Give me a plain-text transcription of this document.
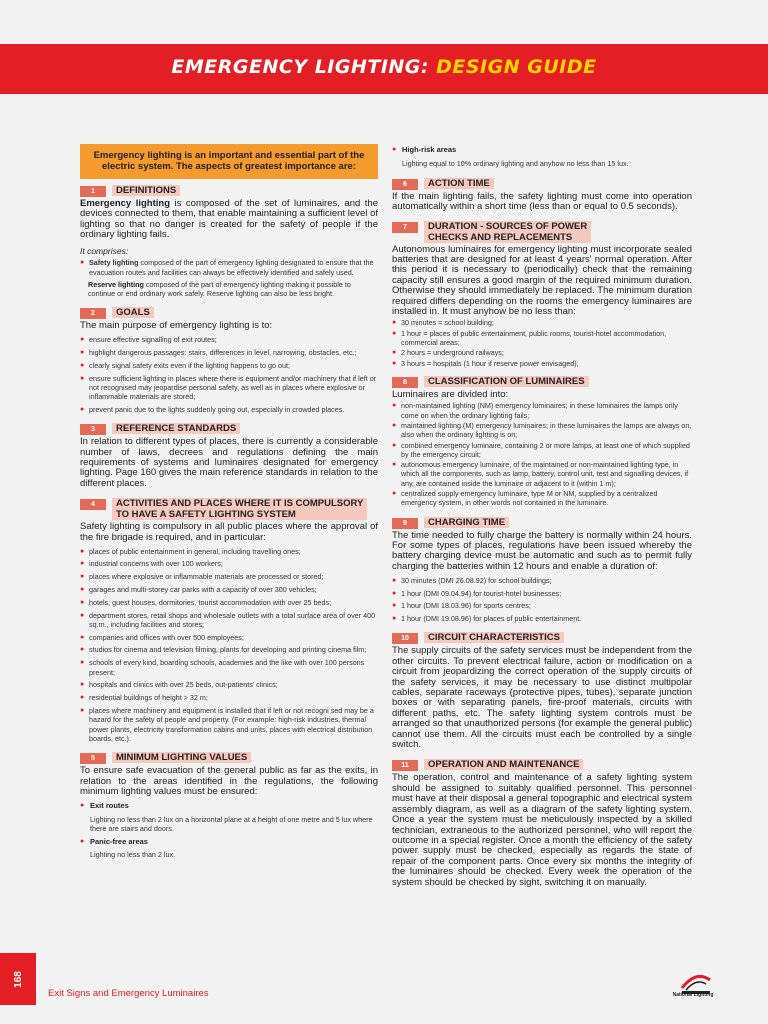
EMERGENCY LIGHTING: DESIGN GUIDE
Emergency lighting is an important and essential part of the electric system. The aspects of greatest importance are:
1	DEFINITIONS
Emergency lighting is composed of the set of luminaires, and the devices connected to them, that enable maintaining a sufficient level of lighting so that no danger is created for the safety of people if the ordinary lighting fails.
It comprises:
● Safety lighting composed of the part of emergency lighting designated to ensure that the evacuation routes and facilities can always be effectively identified and safely used.
Reserve lighting composed of the part of emergency lighting making it possible to continue or end ordinary work safely. Reserve lighting can also be less bright.
2	GOALS
The main purpose of emergency lighting is to:
● ensure effective signalling of exit routes;
● highlight dangerous passages: stairs, differences in level, narrowing, obstacles, etc.;
● clearly signal safety exits even if the lighting happens to go out;
● ensure sufficient lighting in places where there is equipment and/or machinery that if left or not recognised may jeopardise personal safety, as well as in places where explosive or inflammable materials are stored;
● prevent panic due to the lights suddenly going out, especially in crowded places.
3	REFERENCE STANDARDS
In relation to different types of places, there is currently a considerable number of laws, decrees and regulations defining the main requirements of systems and luminaires designated for emergency lighting. Page 160 gives the main reference standards in relation to the different places.
4	ACTIVITIES AND PLACES WHERE IT IS COMPULSORY
TO HAVE A SAFETY LIGHTING SYSTEM
Safety lighting is compulsory in all public places where the approval of the fire brigade is required, and in particular:
● places of public entertainment in general, including travelling ones;
● industrial concerns with over 100 workers;
● places where explosive or inflammable materials are processed or stored;
● garages and multi-storey car parks with a capacity of over 300 vehicles;
● hotels, guest houses, dormitories, tourist accommodation with over 25 beds;
● department stores, retail shops and wholesale outlets with a total surface area of over 400 sq.m., including facilities and stores;
● companies and offices with over 500 employees;
● studios for cinema and television filming, plants for developing and printing cinema film;
● schools of every kind, boarding schools, academies and the like with over 100 persons present;
● hospitals and clinics with over 25 beds, out-patients' clinics;
● residential buildings of height > 32 m;
● places where machinery and equipment is installed that if left or not recogni sed may be a hazard for the safety of people and property. (For example: high-risk industries, thermal power plants, electricity transformation cabins and units, places with electrical distribution boards, etc.).
5	MINIMUM LIGHTING VALUES
To ensure safe evacuation of the general public as far as the exits, in relation to the areas identified in the regulations, the following minimum lighting values must be ensured:
● Exit routes
Lighting no less than 2 lux on a horizontal plane at a height of one metre and 5 lux where there are stairs and doors.
● Panic-free areas
Lighting no less than 2 lux.
● High-risk areas
Lighting equal to 10% ordinary lighting and anyhow no less than 15 lux.
6	ACTION TIME
If the main lighting fails, the safety lighting must come into operation automatically within a short time (less than or equal to 0.5 seconds).
7	DURATION - SOURCES OF POWER
CHECKS AND REPLACEMENTS
Autonomous luminaires for emergency lighting must incorporate sealed batteries that are designed for at least 4 years' normal operation. After this period it is necessary to (periodically) check that the remaining capacity still ensures a good margin of the required minimum duration. Otherwise they should immediately be replaced. The minimum duration required differs depending on the rooms the emergency luminaires are installed in. It must anyhow be no less than:
● 30 minutes = school building;
● 1 hour = places of public entertainment, public rooms, tourist-hotel accommodation, commercial areas;
● 2 hours = underground railways;
● 3 hours = hospitals (1 hour if reserve power envisaged);
8	CLASSIFICATION OF LUMINAIRES
Luminaires are divided into:
● non-maintained lighting (NM) emergency luminaires; in these luminaires the lamps only come on when the ordinary lighting fails;
● maintained lighting (M) emergency luminaires; in these luminaires the lamps are always on, also when the ordinary lighting is on;
● combined emergency luminaire, containing 2 or more lamps, at least one of which supplied by the emergency circuit;
● autonomous emergency luminaire, of the maintained or non-maintained lighting type, in which all the components, such as lamp, battery, control unit, test and signalling devices, if any, are contained inside the luminaire or adjacent to it (within 1 m);
● centralized supply emergency luminaire, type M or NM, supplied by a centralized emergency system, in other words not contained in the luminaire.
9	CHARGING TIME
The time needed to fully charge the battery is normally within 24 hours. For some types of places, regulations have been issued whereby the battery charging device must be automatic and such as to permit fully charging the batteries within 12 hours and enable a duration of:
● 30 minutes (DMI 26.08.92) for school buildings;
● 1 hour (DMI 09.04.94) for tourist-hotel businesses;
● 1 hour (DMI 18.03.96) for sports centres;
● 1 hour (DMI 19.08.96) for places of public entertainment.
10	CIRCUIT CHARACTERISTICS
The supply circuits of the safety services must be independent from the other circuits. To prevent electrical failure, action or modification on a circuit from jeopardizing the correct operation of the supply circuits of the safety services, it may be necessary to use distinct multipolar cables, separate raceways (protective pipes, tubes), separate junction boxes or with separating panels, fire-proof materials, circuits with different paths, etc. The safety lighting system controls must be arranged so that unauthorized persons (for example the general public) cannot use them. All the circuits must each be controlled by a single switch.
11	OPERATION AND MAINTENANCE
The operation, control and maintenance of a safety lighting system should be assigned to suitably qualified personnel. This personnel must have at their disposal a general topographic and electrical system assembly diagram, as well as a diagram of the safety lighting system. Once a year the system must be meticulously inspected by a skilled technician, extraneous to the authorized personnel, who will report the outcome in a special register. Once a month the efficiency of the safety power supply must be checked, especially as regards the state of repair of the component parts. Once every six months the integrity of the luminaires should be checked. Every week the operation of the system should be checked by sight, switching it on manually.
168
Exit Signs and Emergency Luminaires	National Lighting
